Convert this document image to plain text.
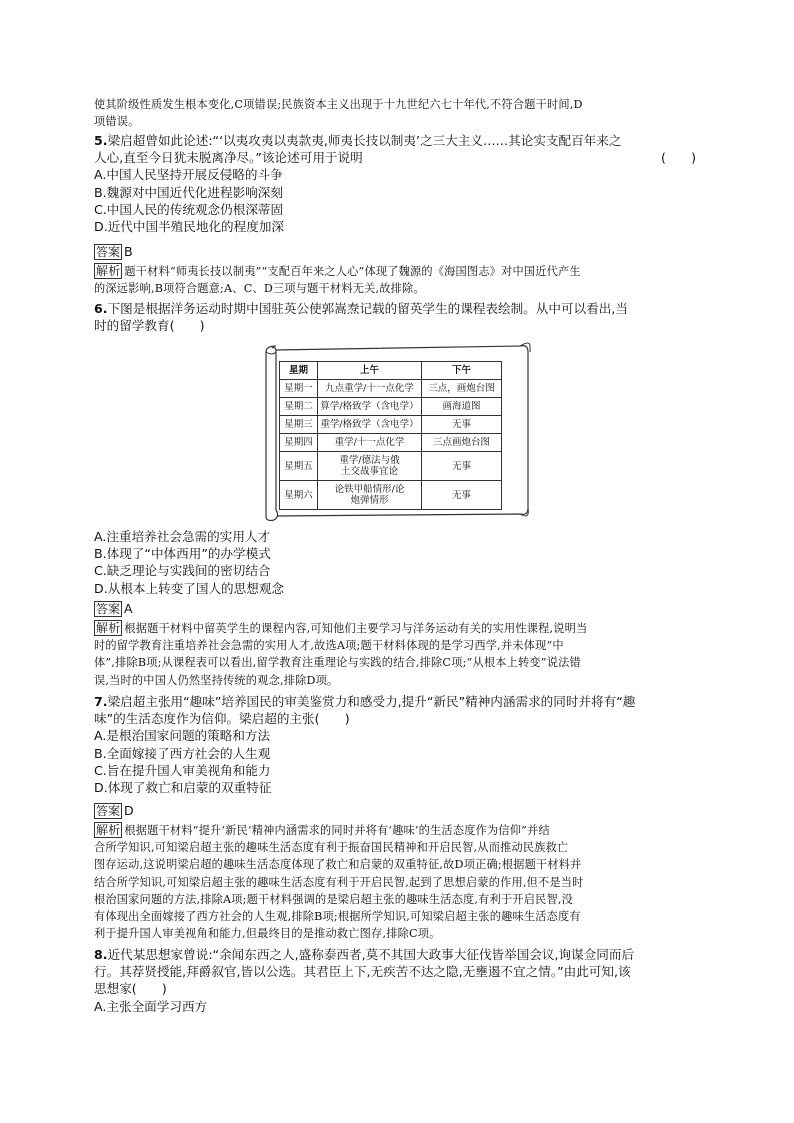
使其阶级性质发生根本变化,C项错误;民族资本主义出现于十九世纪六七十年代,不符合题干时间,D
项错误。
5.梁启超曾如此论述:“‘以夷攻夷以夷款夷,师夷长技以制夷’之三大主义……其论实支配百年来之
人心,直至今日犹未脱离净尽。”该论述可用于说明	(　　)
A.中国人民坚持开展反侵略的斗争
B.魏源对中国近代化进程影响深刻
C.中国人民的传统观念仍根深蒂固
D.近代中国半殖民地化的程度加深
答案 B
解析 题干材料“师夷长技以制夷”“支配百年来之人心”体现了魏源的《海国图志》对中国近代产生
的深远影响,B项符合题意;A、C、D三项与题干材料无关,故排除。
6.下图是根据洋务运动时期中国驻英公使郭嵩焘记载的留英学生的课程表绘制。从中可以看出,当
时的留学教育(　　)
星期	上午	下午
星期一	九点重学/十一点化学	三点，画炮台图
星期二	算学/格致学（含电学）	画海道图
星期三	重学/格致学（含电学）	无事
星期四	重学/十一点化学	三点画炮台图
星期五	重学/德法与俄
土交战事宜论	无事
星期六	论铁甲船情形/论
炮弹情形	无事
A.注重培养社会急需的实用人才
B.体现了“中体西用”的办学模式
C.缺乏理论与实践间的密切结合
D.从根本上转变了国人的思想观念
答案 A
解析 根据题干材料中留英学生的课程内容,可知他们主要学习与洋务运动有关的实用性课程,说明当
时的留学教育注重培养社会急需的实用人才,故选A项;题干材料体现的是学习西学,并未体现“中
体”,排除B项;从课程表可以看出,留学教育注重理论与实践的结合,排除C项;“从根本上转变”说法错
误,当时的中国人仍然坚持传统的观念,排除D项。
7.梁启超主张用“趣味”培养国民的审美鉴赏力和感受力,提升“新民”精神内涵需求的同时并将有“趣
味”的生活态度作为信仰。梁启超的主张(　　)
A.是根治国家问题的策略和方法
B.全面嫁接了西方社会的人生观
C.旨在提升国人审美视角和能力
D.体现了救亡和启蒙的双重特征
答案 D
解析 根据题干材料“提升‘新民’精神内涵需求的同时并将有‘趣味’的生活态度作为信仰”并结
合所学知识,可知梁启超主张的趣味生活态度有利于振奋国民精神和开启民智,从而推动民族救亡
图存运动,这说明梁启超的趣味生活态度体现了救亡和启蒙的双重特征,故D项正确;根据题干材料并
结合所学知识,可知梁启超主张的趣味生活态度有利于开启民智,起到了思想启蒙的作用,但不是当时
根治国家问题的方法,排除A项;题干材料强调的是梁启超主张的趣味生活态度,有利于开启民智,没
有体现出全面嫁接了西方社会的人生观,排除B项;根据所学知识,可知梁启超主张的趣味生活态度有
利于提升国人审美视角和能力,但最终目的是推动救亡图存,排除C项。
8.近代某思想家曾说:“余闻东西之人,盛称泰西者,莫不其国大政事大征伐皆举国会议,询谋佥同而后
行。其荐贤授能,拜爵叙官,皆以公选。其君臣上下,无疾苦不达之隐,无壅遏不宜之情。”由此可知,该
思想家(　　)
A.主张全面学习西方
